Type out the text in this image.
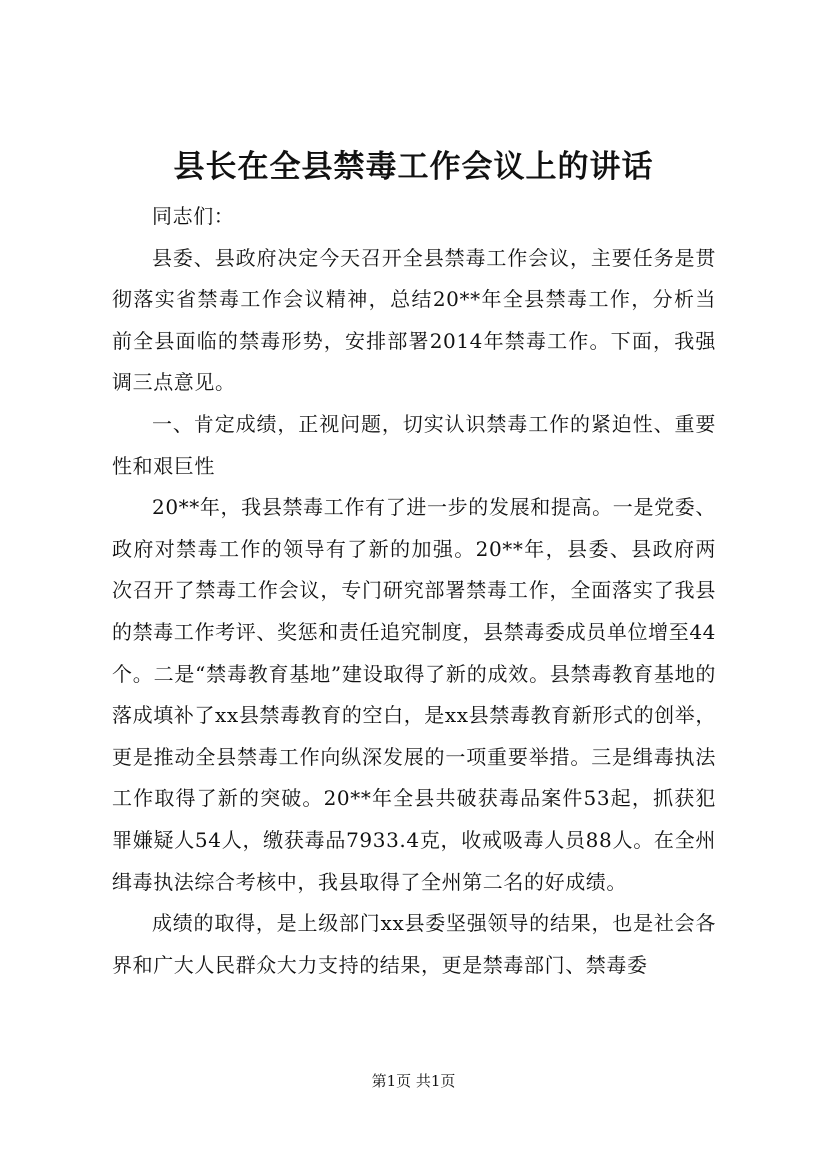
县长在全县禁毒工作会议上的讲话

同志们：

县委、县政府决定今天召开全县禁毒工作会议，主要任务是贯彻落实省禁毒工作会议精神，总结20**年全县禁毒工作，分析当前全县面临的禁毒形势，安排部署2014年禁毒工作。下面，我强调三点意见。

一、肯定成绩，正视问题，切实认识禁毒工作的紧迫性、重要性和艰巨性

20**年，我县禁毒工作有了进一步的发展和提高。一是党委、政府对禁毒工作的领导有了新的加强。20**年，县委、县政府两次召开了禁毒工作会议，专门研究部署禁毒工作，全面落实了我县的禁毒工作考评、奖惩和责任追究制度，县禁毒委成员单位增至44个。二是“禁毒教育基地”建设取得了新的成效。县禁毒教育基地的落成填补了xx县禁毒教育的空白，是xx县禁毒教育新形式的创举，更是推动全县禁毒工作向纵深发展的一项重要举措。三是缉毒执法工作取得了新的突破。20**年全县共破获毒品案件53起，抓获犯罪嫌疑人54人，缴获毒品7933.4克，收戒吸毒人员88人。在全州缉毒执法综合考核中，我县取得了全州第二名的好成绩。

成绩的取得，是上级部门xx县委坚强领导的结果，也是社会各界和广大人民群众大力支持的结果，更是禁毒部门、禁毒委

第1页 共1页
